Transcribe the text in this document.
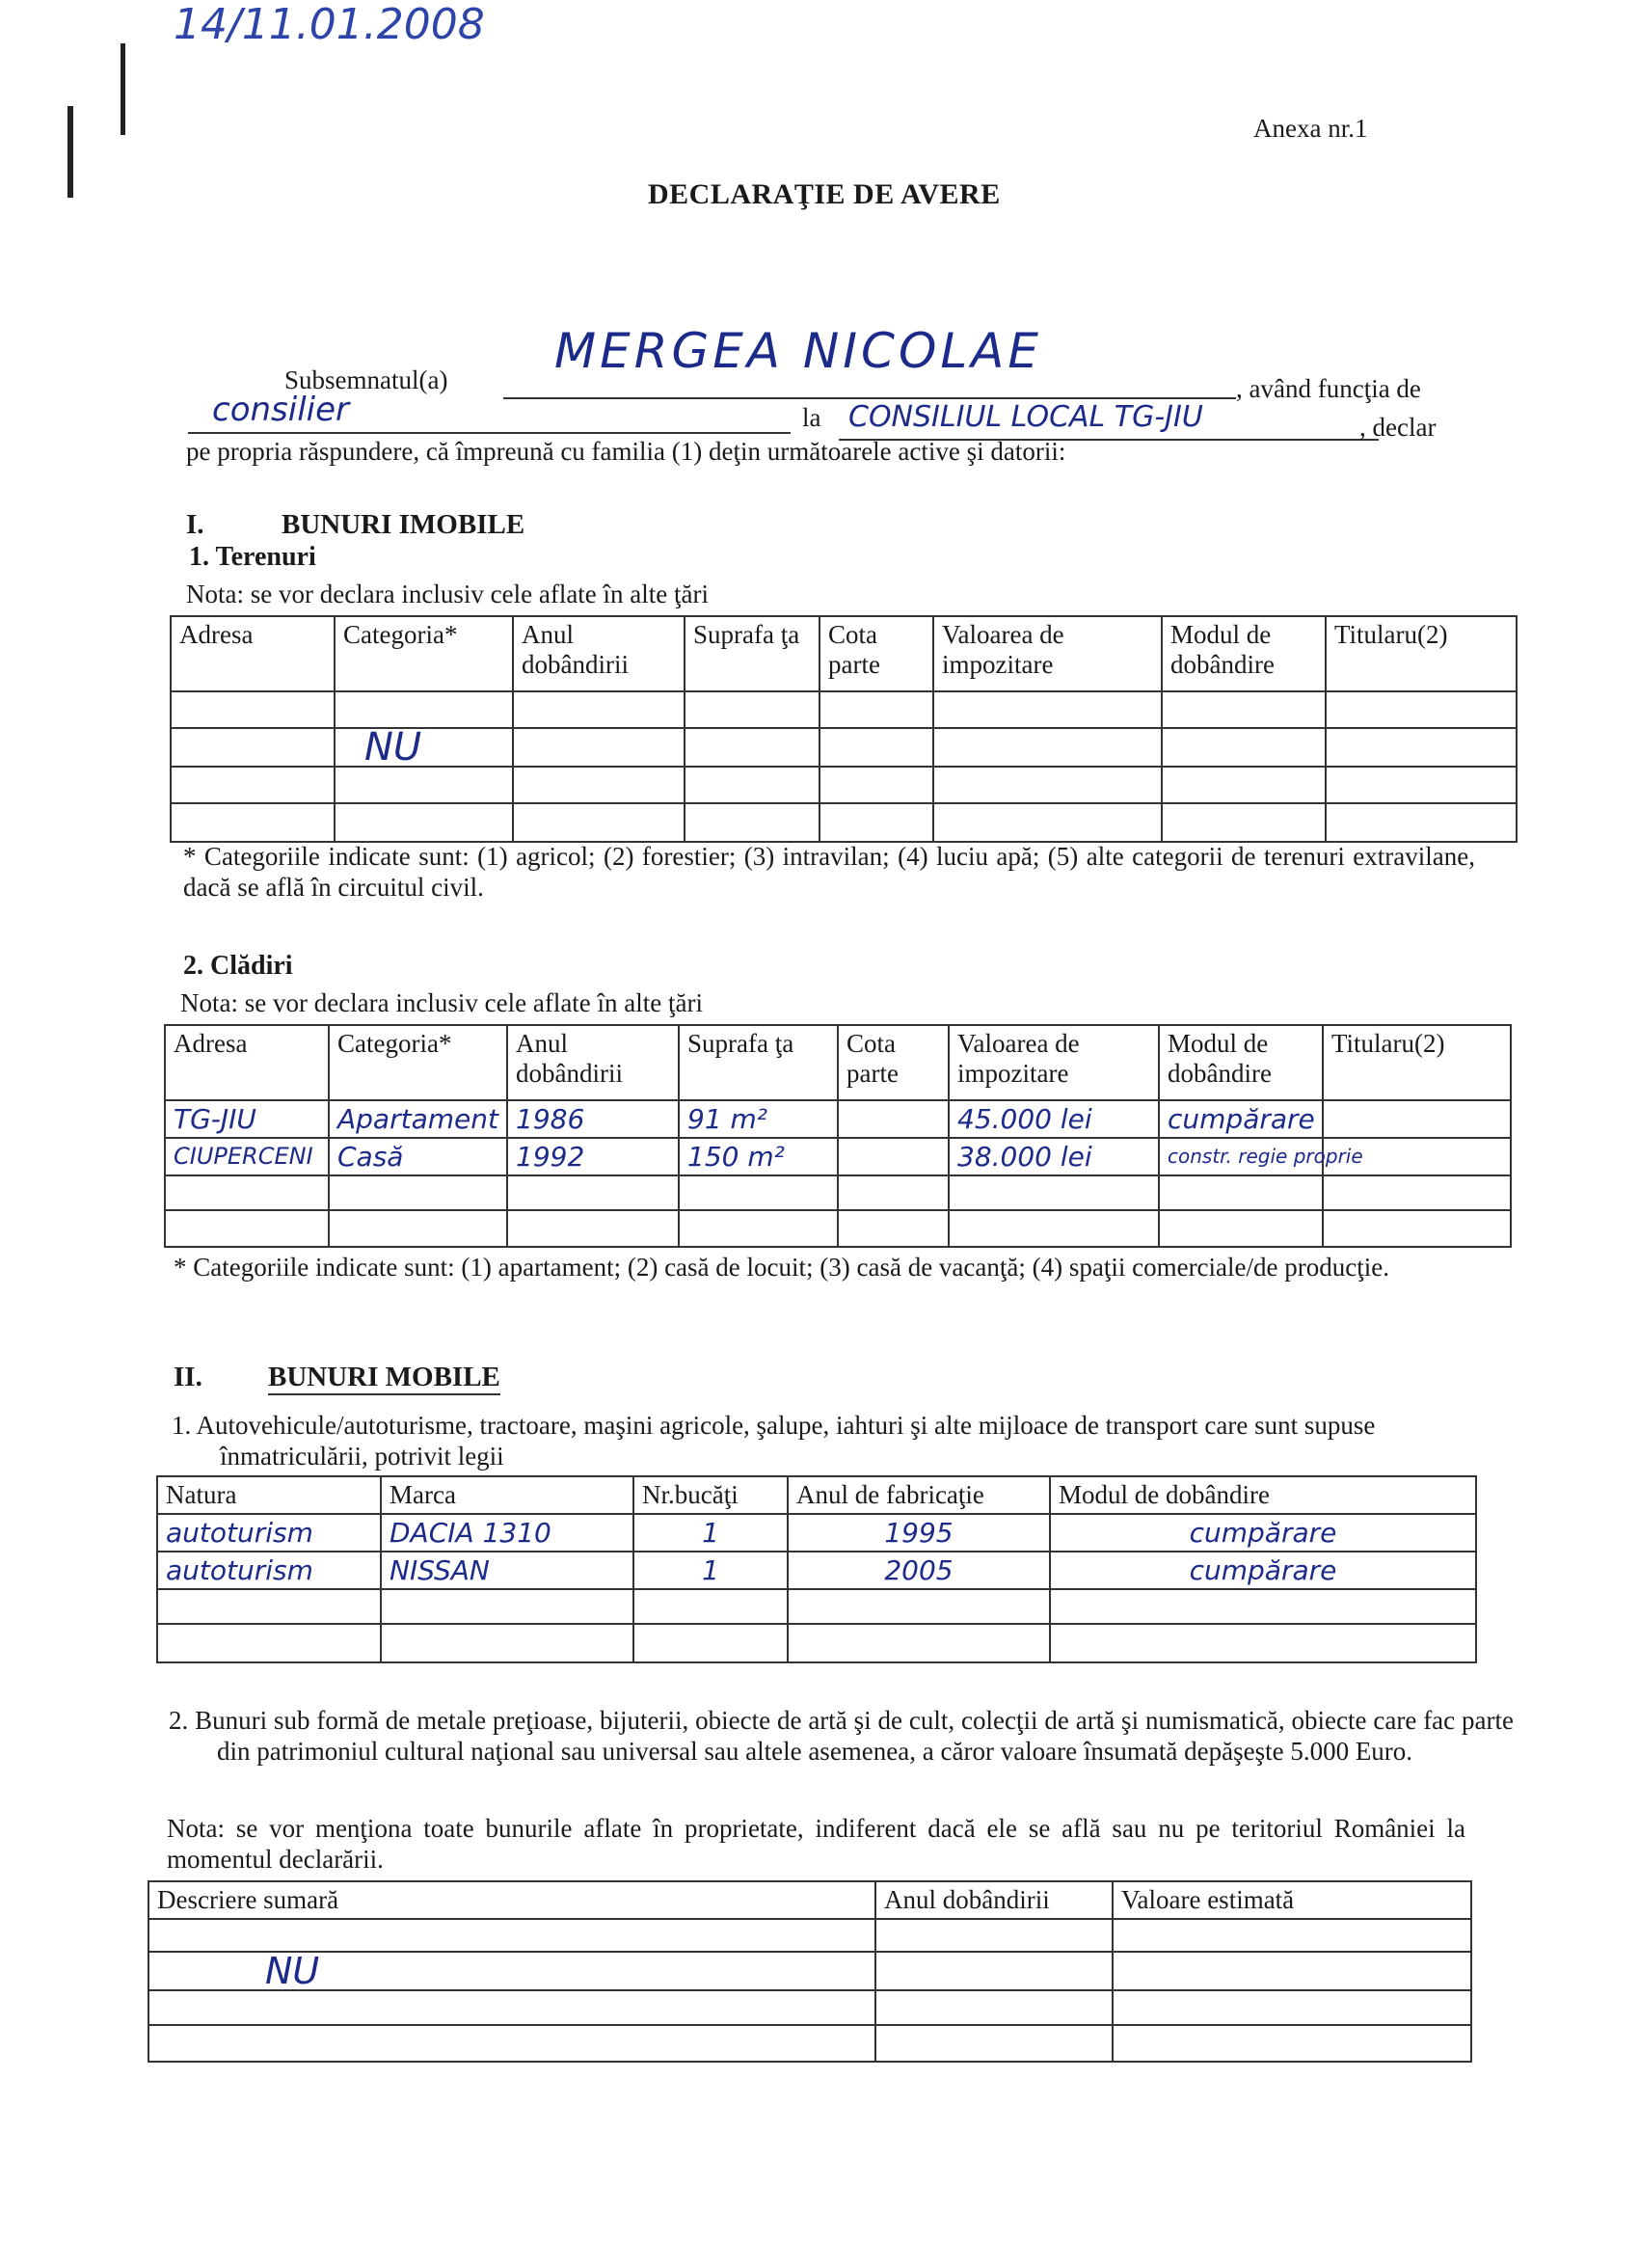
14/11.01.2008
Anexa nr.1
DECLARAŢIE DE AVERE
Subsemnatul(a)
MERGEA NICOLAE
, având funcţia de
consilier	la CONSILIUL LOCAL TG-JIU	, declar
pe propria răspundere, că împreună cu familia (1) deţin următoarele active şi datorii:
I.	BUNURI IMOBILE
1. Terenuri
Nota: se vor declara inclusiv cele aflate în alte ţări
Adresa	Categoria*	Anul dobândirii	Suprafa ţa	Cota parte	Valoarea de impozitare	Modul de dobândire	Titularu(2)

	NU						

* Categoriile indicate sunt: (1) agricol; (2) forestier; (3) intravilan; (4) luciu apă; (5) alte categorii de terenuri extravilane, dacă se află în circuitul civil.
2. Clădiri
Nota: se vor declara inclusiv cele aflate în alte ţări
Adresa	Categoria*	Anul dobândirii	Suprafa ţa	Cota parte	Valoarea de impozitare	Modul de dobândire	Titularu(2)
TG-JIU	Apartament	1986	91 m²		45.000 lei	cumpărare	
CIUPERCENI	Casă	1992	150 m²		38.000 lei	constr. regie proprie	

* Categoriile indicate sunt: (1) apartament; (2) casă de locuit; (3) casă de vacanţă; (4) spaţii comerciale/de producţie.
II. BUNURI MOBILE
1. Autovehicule/autoturisme, tractoare, maşini agricole, şalupe, iahturi şi alte mijloace de transport care sunt supuse înmatriculării, potrivit legii
Natura	Marca	Nr.bucăţi	Anul de fabricaţie	Modul de dobândire
autoturism	DACIA 1310	1	1995	cumpărare
autoturism	NISSAN	1	2005	cumpărare

2. Bunuri sub formă de metale preţioase, bijuterii, obiecte de artă şi de cult, colecţii de artă şi numismatică, obiecte care fac parte din patrimoniul cultural naţional sau universal sau altele asemenea, a căror valoare însumată depăşeşte 5.000 Euro.
Nota: se vor menţiona toate bunurile aflate în proprietate, indiferent dacă ele se află sau nu pe teritoriul României la momentul declarării.
Descriere sumară	Anul dobândirii	Valoare estimată

NU		
